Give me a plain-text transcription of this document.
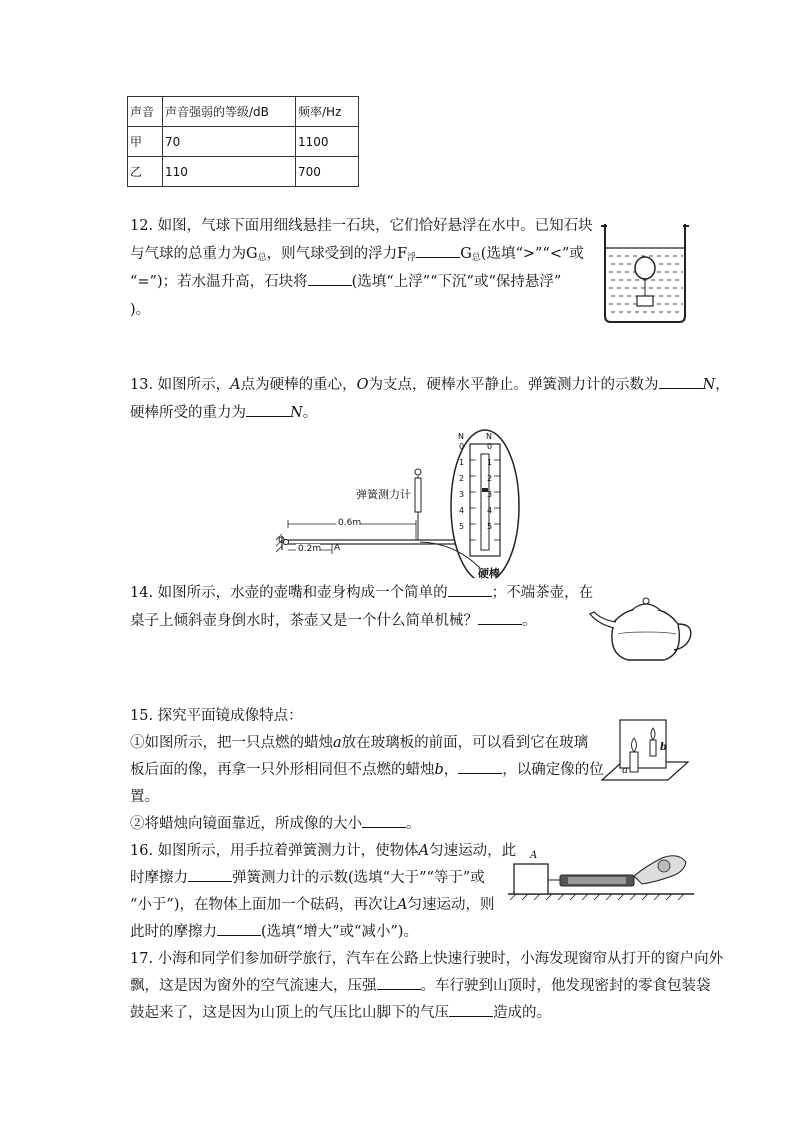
声音	声音强弱的等级/dB	频率/Hz
甲	70	1100
乙	110	700
12. 如图，气球下面用细线悬挂一石块，它们恰好悬浮在水中。已知石块
与气球的总重力为$G_总$，则气球受到的浮力$F_浮$	$G_总$(选填“>”“<”或
“=”)；若水温升高，石块将	(选填“上浮”“下沉”或“保持悬浮”
)。
13. 如图所示，A点为硬棒的重心，O为支点，硬棒水平静止。弹簧测力计的示数为	N，
硬棒所受的重力为	N。
弹簧测力计
0.6m
0.2m
O
A
硬棒
N	N
14. 如图所示，水壶的壶嘴和壶身构成一个简单的	；不端茶壶，在
桌子上倾斜壶身倒水时，茶壶又是一个什么简单机械？	。
15. 探究平面镜成像特点：
①如图所示，把一只点燃的蜡烛a放在玻璃板的前面，可以看到它在玻璃
板后面的像，再拿一只外形相同但不点燃的蜡烛b，	，以确定像的位
置。
②将蜡烛向镜面靠近，所成像的大小	。
a
b
16. 如图所示，用手拉着弹簧测力计，使物体A匀速运动，此
时摩擦力	弹簧测力计的示数(选填“大于”“等于”或
“小于”)，在物体上面加一个砝码，再次让A匀速运动，则
此时的摩擦力	(选填“增大”或“减小”)。
A
17. 小海和同学们参加研学旅行，汽车在公路上快速行驶时，小海发现窗帘从打开的窗户向外
飘，这是因为窗外的空气流速大，压强	。车行驶到山顶时，他发现密封的零食包装袋
鼓起来了，这是因为山顶上的气压比山脚下的气压	造成的。
0
1
2
3
4
5
0
1
2
3
4
5
